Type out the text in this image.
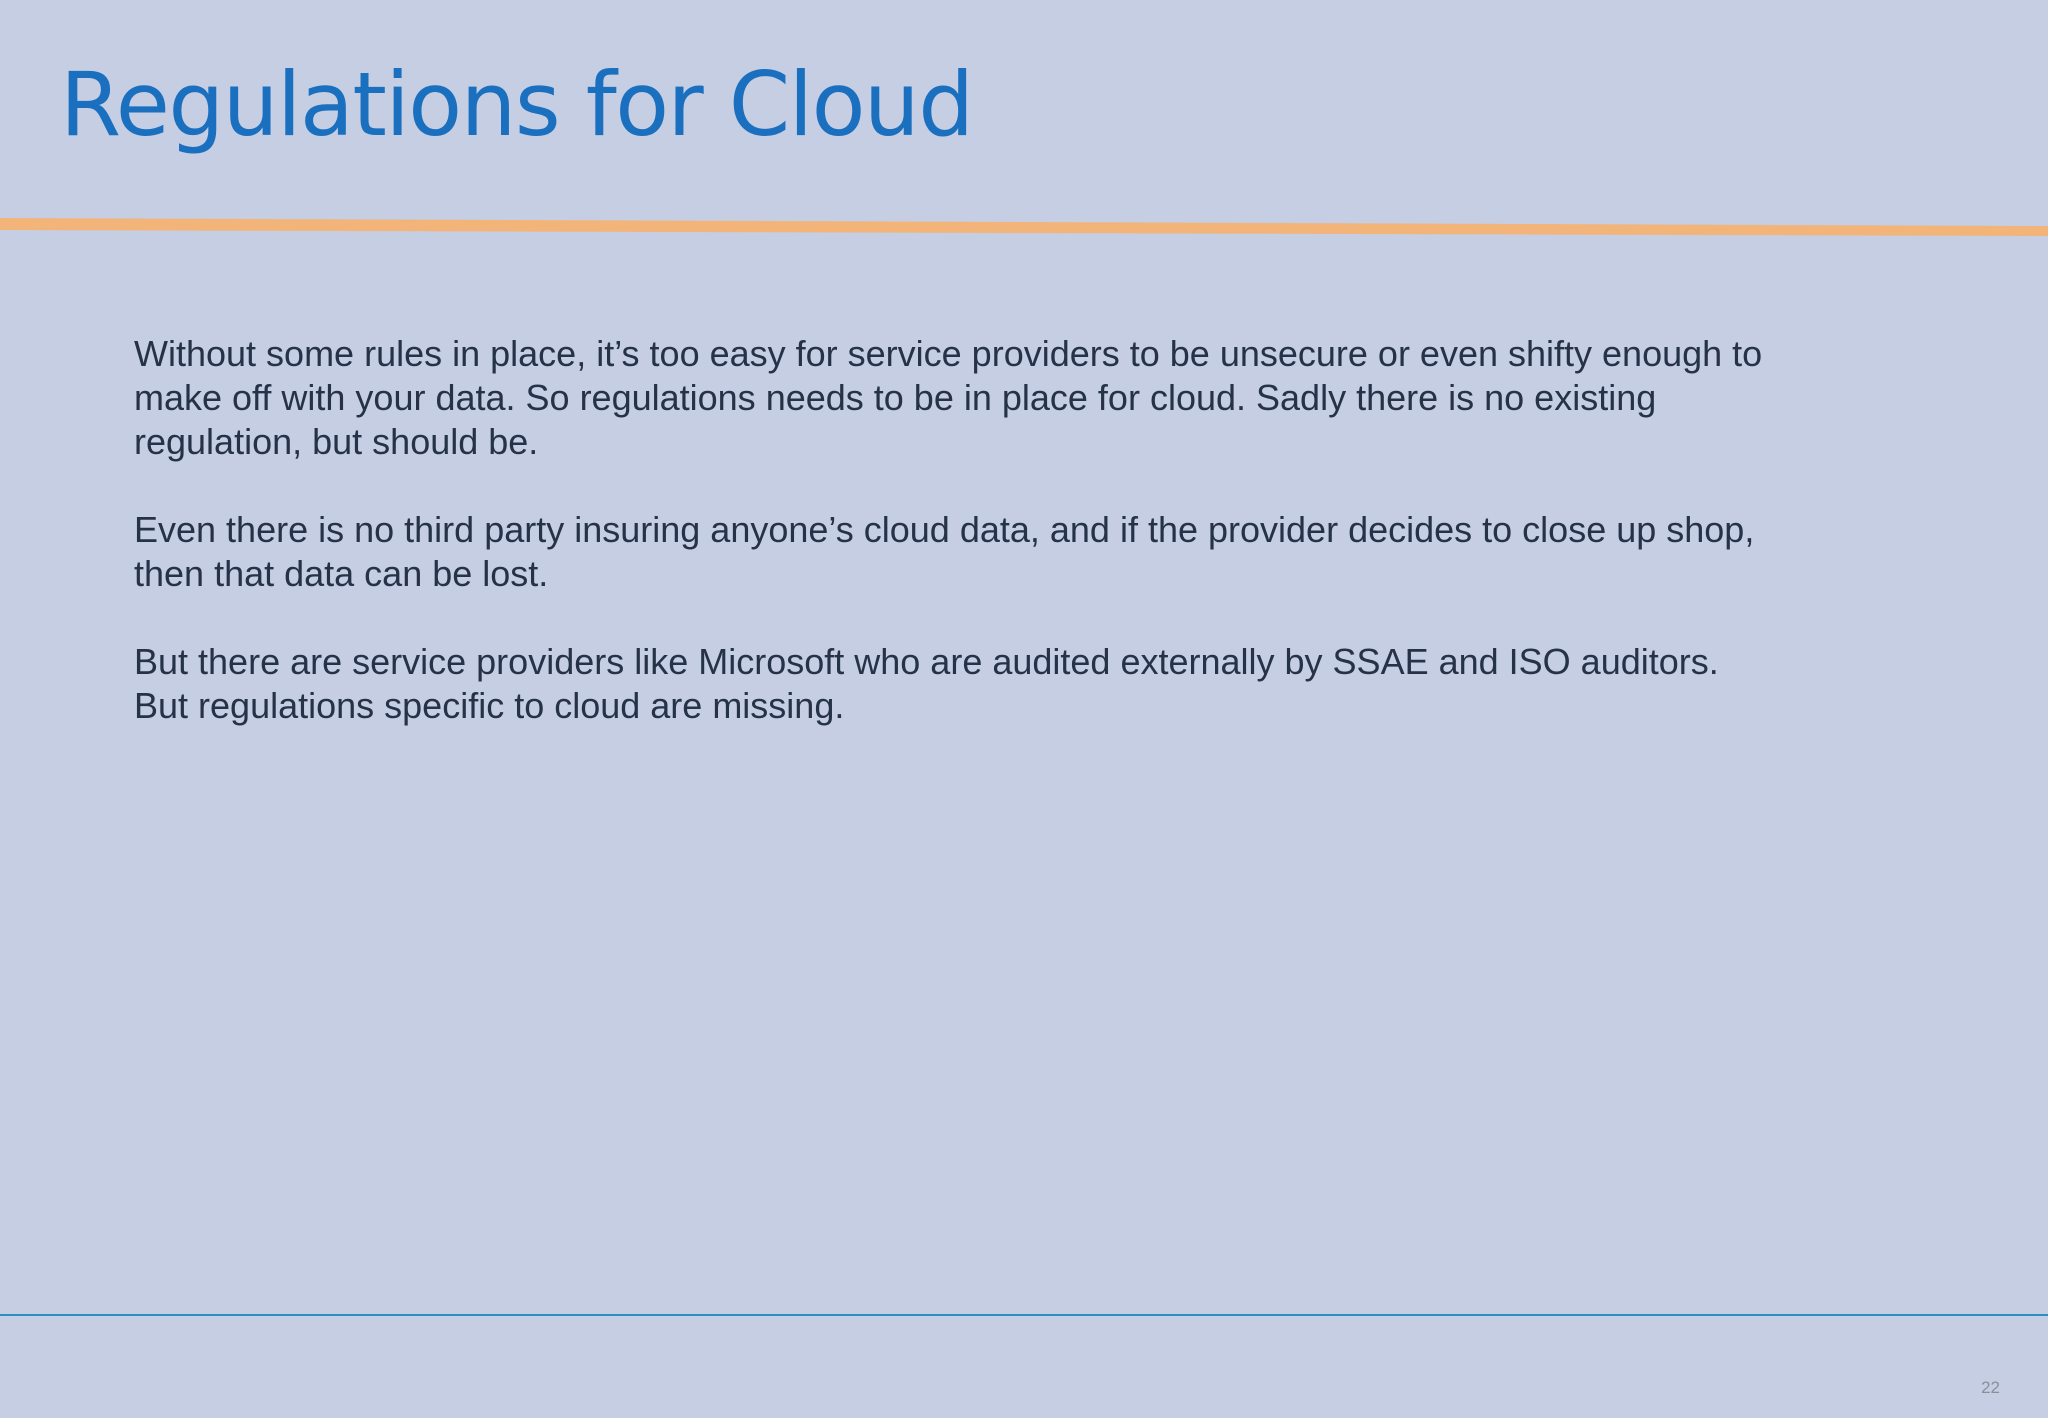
Regulations for Cloud

Without some rules in place, it’s too easy for service providers to be unsecure or even shifty enough to
make off with your data. So regulations needs to be in place for cloud. Sadly there is no existing
regulation, but should be.

Even there is no third party insuring anyone’s cloud data, and if the provider decides to close up shop,
then that data can be lost.

But there are service providers like Microsoft who are audited externally by SSAE and ISO auditors.
But regulations specific to cloud are missing.

22
